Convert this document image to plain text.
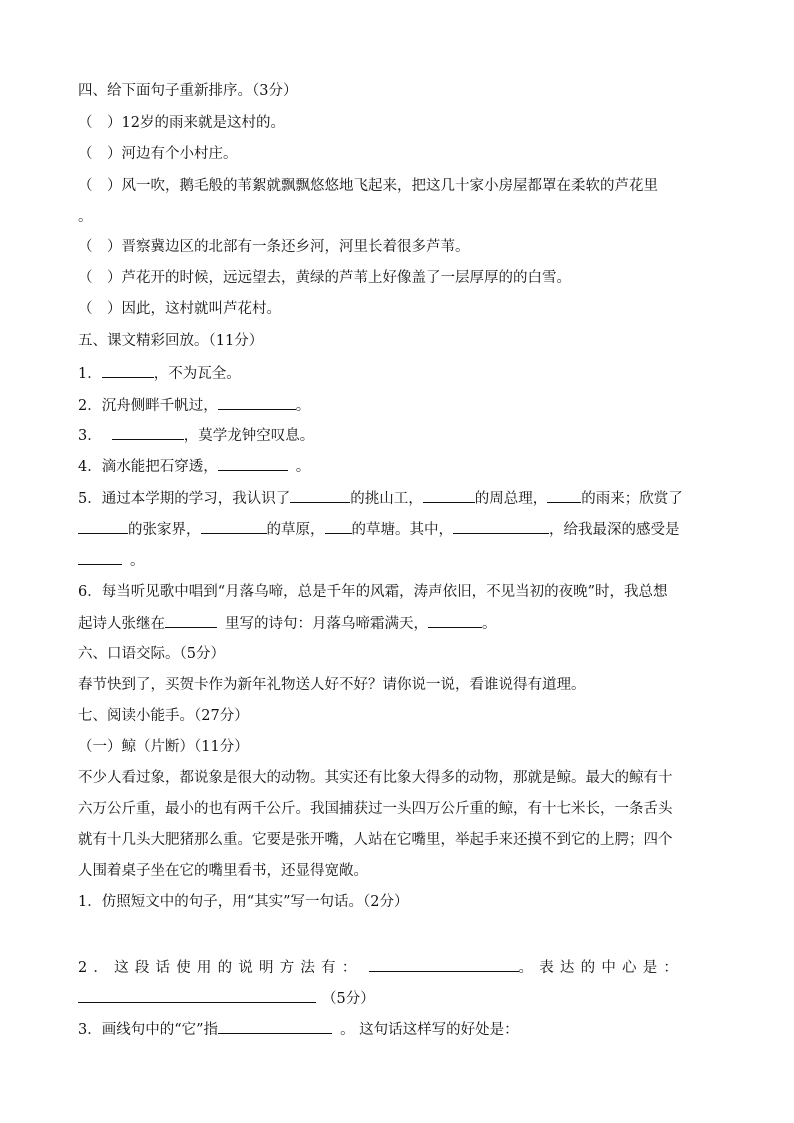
四、给下面句子重新排序。（3分）
（　）12岁的雨来就是这村的。
（　）河边有个小村庄。
（　）风一吹，鹅毛般的苇絮就飘飘悠悠地飞起来，把这几十家小房屋都罩在柔软的芦花里
。
（　）晋察冀边区的北部有一条还乡河，河里长着很多芦苇。
（　）芦花开的时候，远远望去，黄绿的芦苇上好像盖了一层厚厚的的白雪。
（　）因此，这村就叫芦花村。
五、课文精彩回放。（11分）
1．	，不为瓦全。
2．沉舟侧畔千帆过，	。
3．	，莫学龙钟空叹息。
4．滴水能把石穿透，	。
5．通过本学期的学习，我认识了	的挑山工，	的周总理， 的雨来；欣赏了
的张家界，	的草原， 的草塘。其中，	，给我最深的感受是
。
6．每当听见歌中唱到“月落乌啼，总是千年的风霜，涛声依旧，不见当初的夜晚”时，我总想
起诗人张继在	里写的诗句：月落乌啼霜满天，	。
六、口语交际。（5分）
春节快到了，买贺卡作为新年礼物送人好不好？请你说一说，看谁说得有道理。
七、阅读小能手。（27分）
（一）鲸（片断）（11分）
不少人看过象，都说象是很大的动物。其实还有比象大得多的动物，那就是鲸。最大的鲸有十
六万公斤重，最小的也有两千公斤。我国捕获过一头四万公斤重的鲸，有十七米长，一条舌头
就有十几头大肥猪那么重。它要是张开嘴，人站在它嘴里，举起手来还摸不到它的上腭；四个
人围着桌子坐在它的嘴里看书，还显得宽敞。
1．仿照短文中的句子，用“其实”写一句话。（2分）
2．这段话使用的说明方法有：	。表达的中心是：
（5分）
3．画线句中的“它”指	。 这句话这样写的好处是：
